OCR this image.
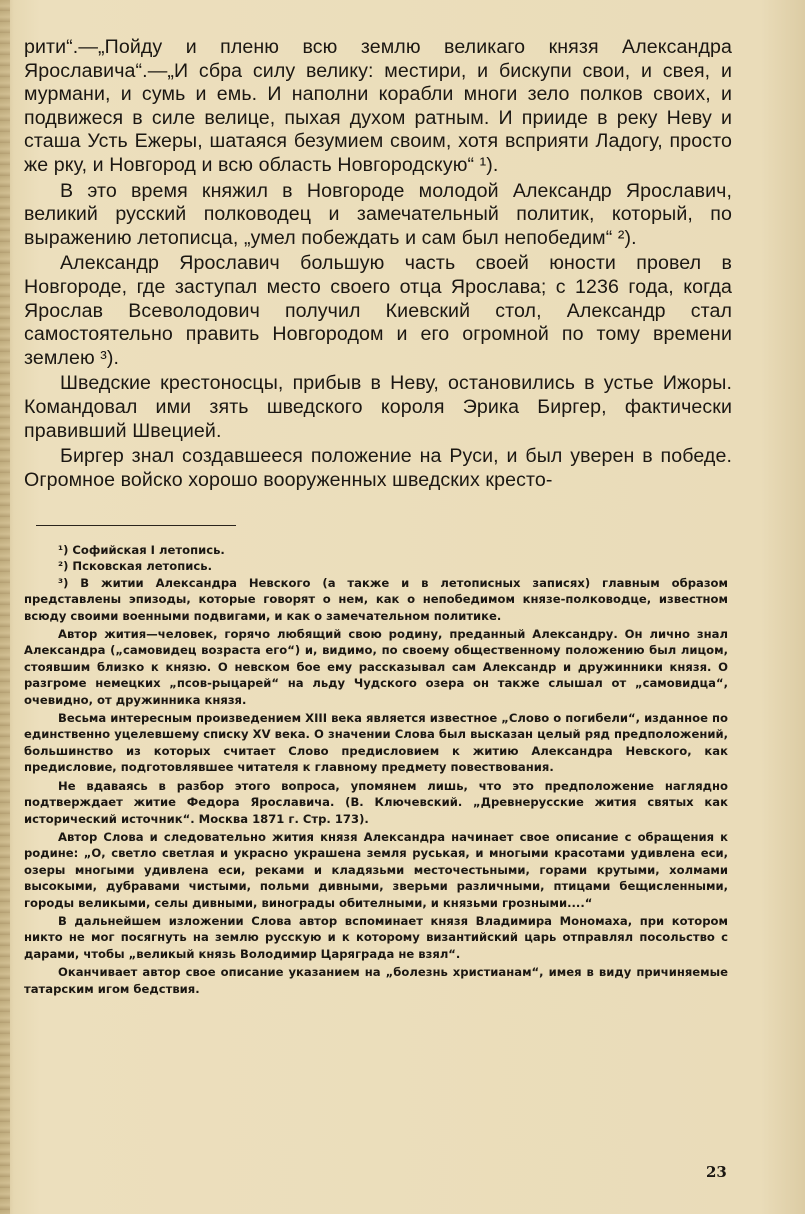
рити“.—„Пойду и пленю всю землю великаго князя Александра Ярославича“.—„И сбра силу велику: местири, и бискупи свои, и свея, и мурмани, и сумь и емь. И наполни корабли многи зело полков своих, и подвижеся в силе велице, пыхая духом ратным. И прииде в реку Неву и сташа Усть Ежеры, шатаяся безумием своим, хотя всприяти Ладогу, просто же рку, и Новгород и всю область Новгородскую“ ¹).

В это время княжил в Новгороде молодой Александр Ярославич, великий русский полководец и замечательный политик, который, по выражению летописца, „умел побеждать и сам был непобедим“ ²).

Александр Ярославич большую часть своей юности провел в Новгороде, где заступал место своего отца Ярослава; с 1236 года, когда Ярослав Всеволодович получил Киевский стол, Александр стал самостоятельно править Новгородом и его огромной по тому времени землею ³).

Шведские крестоносцы, прибыв в Неву, остановились в устье Ижоры. Командовал ими зять шведского короля Эрика Биргер, фактически правивший Швецией.

Биргер знал создавшееся положение на Руси, и был уверен в победе. Огромное войско хорошо вооруженных шведских кресто-

¹) Софийская I летопись.

²) Псковская летопись.

³) В житии Александра Невского (а также и в летописных записях) главным образом представлены эпизоды, которые говорят о нем, как о непобедимом князе-полководце, известном всюду своими военными подвигами, и как о замечательном политике.

Автор жития—человек, горячо любящий свою родину, преданный Александру. Он лично знал Александра („самовидец возраста его“) и, видимо, по своему общественному положению был лицом, стоявшим близко к князю. О невском бое ему рассказывал сам Александр и дружинники князя. О разгроме немецких „псов-рыцарей“ на льду Чудского озера он также слышал от „самовидца“, очевидно, от дружинника князя.

Весьма интересным произведением XIII века является известное „Слово о погибели“, изданное по единственно уцелевшему списку XV века. О значении Слова был высказан целый ряд предположений, большинство из которых считает Слово предисловием к житию Александра Невского, как предисловие, подготовлявшее читателя к главному предмету повествования.

Не вдаваясь в разбор этого вопроса, упомянем лишь, что это предположение наглядно подтверждает житие Федора Ярославича. (В. Ключевский. „Древнерусские жития святых как исторический источник“. Москва 1871 г. Стр. 173).

Автор Слова и следовательно жития князя Александра начинает свое описание с обращения к родине: „О, светло светлая и украсно украшена земля руськая, и многыми красотами удивлена еси, озеры многыми удивлена еси, реками и кладязьми месточестьными, горами крутыми, холмами высокыми, дубравами чистыми, польми дивными, зверьми различными, птицами бещисленными, городы великыми, селы дивными, винограды обителными, и князьми грозными....“

В дальнейшем изложении Слова автор вспоминает князя Владимира Мономаха, при котором никто не мог посягнуть на землю русскую и к которому византийский царь отправлял посольство с дарами, чтобы „великый князь Володимир Царяграда не взял“.

Оканчивает автор свое описание указанием на „болезнь христианам“, имея в виду причиняемые татарским игом бедствия.

23
